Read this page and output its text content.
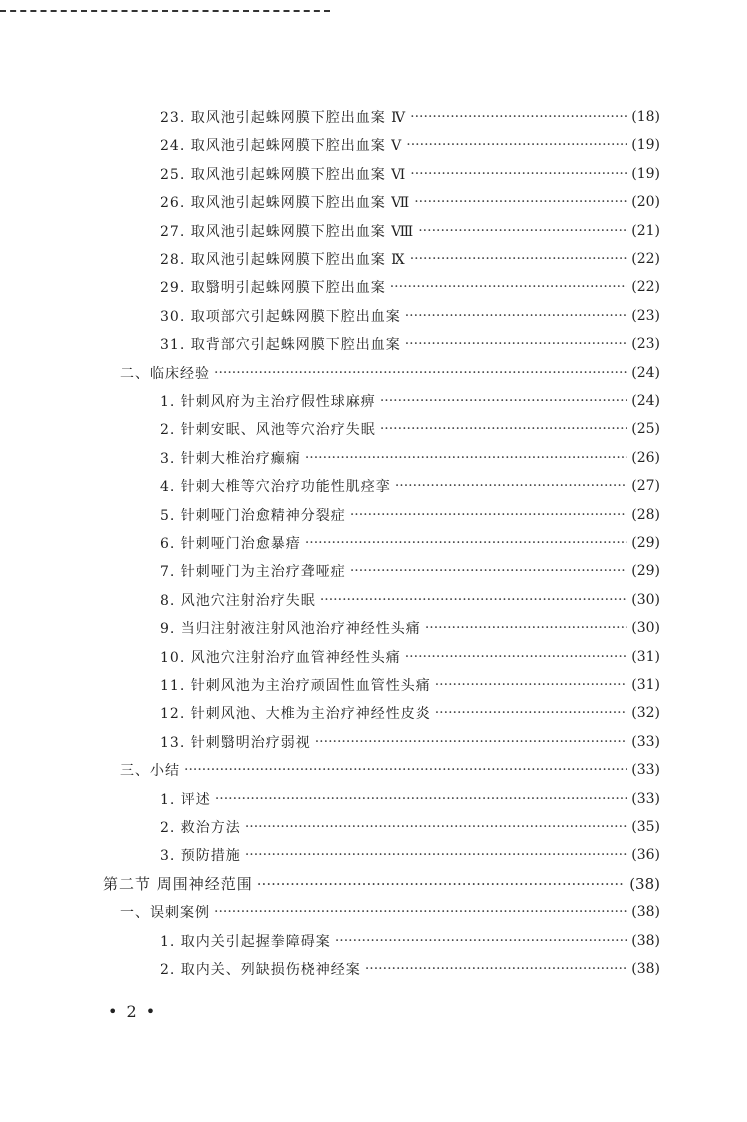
23. 取风池引起蛛网膜下腔出血案 Ⅳ ·····	(18)
24. 取风池引起蛛网膜下腔出血案 Ⅴ ·····	(19)
25. 取风池引起蛛网膜下腔出血案 Ⅵ ·····	(19)
26. 取风池引起蛛网膜下腔出血案 Ⅶ ·····	(20)
27. 取风池引起蛛网膜下腔出血案 Ⅷ ·····	(21)
28. 取风池引起蛛网膜下腔出血案 Ⅸ ·····	(22)
29. 取翳明引起蛛网膜下腔出血案 ·····	(22)
30. 取项部穴引起蛛网膜下腔出血案 ·····	(23)
31. 取背部穴引起蛛网膜下腔出血案 ·····	(23)
二、临床经验 ·····	(24)
1. 针刺风府为主治疗假性球麻痹 ·····	(24)
2. 针刺安眠、风池等穴治疗失眠 ·····	(25)
3. 针刺大椎治疗癫痫 ·····	(26)
4. 针刺大椎等穴治疗功能性肌痉挛 ·····	(27)
5. 针刺哑门治愈精神分裂症 ·····	(28)
6. 针刺哑门治愈暴瘖 ·····	(29)
7. 针刺哑门为主治疗聋哑症 ·····	(29)
8. 风池穴注射治疗失眠 ·····	(30)
9. 当归注射液注射风池治疗神经性头痛 ·····	(30)
10. 风池穴注射治疗血管神经性头痛 ·····	(31)
11. 针刺风池为主治疗顽固性血管性头痛 ·····	(31)
12. 针刺风池、大椎为主治疗神经性皮炎 ·····	(32)
13. 针刺翳明治疗弱视 ·····	(33)
三、小结 ·····	(33)
1. 评述 ·····	(33)
2. 救治方法 ·····	(35)
3. 预防措施 ·····	(36)
第二节 周围神经范围 ·····	(38)
一、误刺案例 ·····	(38)
1. 取内关引起握拳障碍案 ·····	(38)
2. 取内关、列缺损伤桡神经案 ·····	(38)
• 2 •
